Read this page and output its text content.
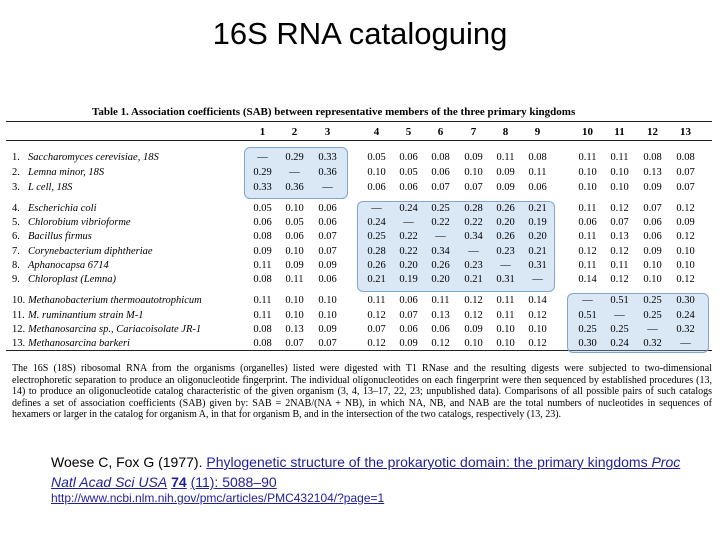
16S RNA cataloguing
Table 1. Association coefficients (SAB) between representative members of the three primary kingdoms
1	2	3	4	5	6	7	8	9	10	11	12	13
1. Saccharomyces cerevisiae, 18S	—	0.29	0.33	0.05	0.06	0.08	0.09	0.11	0.08	0.11	0.11	0.08	0.08
2. Lemna minor, 18S	0.29	—	0.36	0.10	0.05	0.06	0.10	0.09	0.11	0.10	0.10	0.13	0.07
3. L cell, 18S	0.33	0.36	—	0.06	0.06	0.07	0.07	0.09	0.06	0.10	0.10	0.09	0.07
4. Escherichia coli	0.05	0.10	0.06	—	0.24	0.25	0.28	0.26	0.21	0.11	0.12	0.07	0.12
5. Chlorobium vibrioforme	0.06	0.05	0.06	0.24	—	0.22	0.22	0.20	0.19	0.06	0.07	0.06	0.09
6. Bacillus firmus	0.08	0.06	0.07	0.25	0.22	—	0.34	0.26	0.20	0.11	0.13	0.06	0.12
7. Corynebacterium diphtheriae	0.09	0.10	0.07	0.28	0.22	0.34	—	0.23	0.21	0.12	0.12	0.09	0.10
8. Aphanocapsa 6714	0.11	0.09	0.09	0.26	0.20	0.26	0.23	—	0.31	0.11	0.11	0.10	0.10
9. Chloroplast (Lemna)	0.08	0.11	0.06	0.21	0.19	0.20	0.21	0.31	—	0.14	0.12	0.10	0.12
10. Methanobacterium thermoautotrophicum	0.11	0.10	0.10	0.11	0.06	0.11	0.12	0.11	0.14	—	0.51	0.25	0.30
11. M. ruminantium strain M-1	0.11	0.10	0.10	0.12	0.07	0.13	0.12	0.11	0.12	0.51	—	0.25	0.24
12. Methanosarcina sp., Cariacoisolate JR-1	0.08	0.13	0.09	0.07	0.06	0.06	0.09	0.10	0.10	0.25	0.25	—	0.32
13. Methanosarcina barkeri	0.08	0.07	0.07	0.12	0.09	0.12	0.10	0.10	0.12	0.30	0.24	0.32	—
The 16S (18S) ribosomal RNA from the organisms (organelles) listed were digested with T1 RNase and the resulting digests were subjected to two-dimensional electrophoretic separation to produce an oligonucleotide fingerprint. The individual oligonucleotides on each fingerprint were then sequenced by established procedures (13, 14) to produce an oligonucleotide catalog characteristic of the given organism (3, 4, 13–17, 22, 23; unpublished data). Comparisons of all possible pairs of such catalogs defines a set of association coefficients (SAB) given by: SAB = 2NAB/(NA + NB), in which NA, NB, and NAB are the total numbers of nucleotides in sequences of hexamers or larger in the catalog for organism A, in that for organism B, and in the intersection of the two catalogs, respectively (13, 23).
Woese C, Fox G (1977). Phylogenetic structure of the prokaryotic domain: the primary kingdoms Proc Natl Acad Sci USA 74 (11): 5088–90
http://www.ncbi.nlm.nih.gov/pmc/articles/PMC432104/?page=1
